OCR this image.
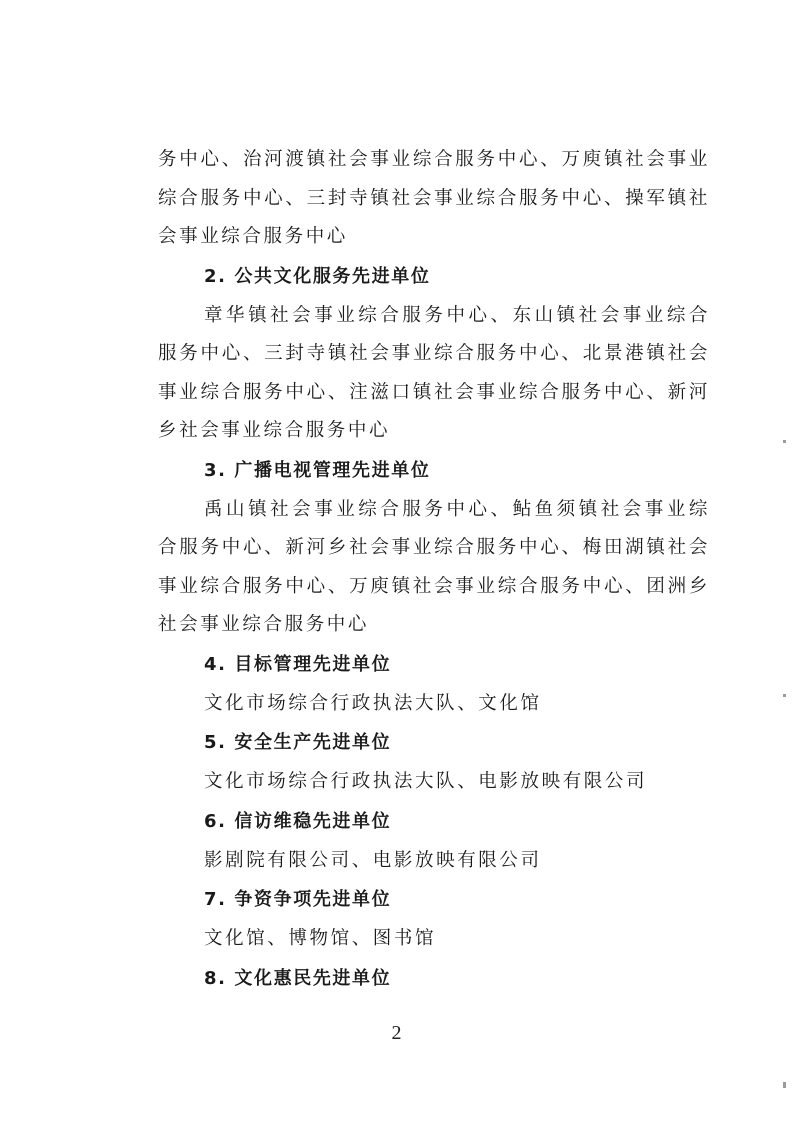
务中心、治河渡镇社会事业综合服务中心、万庾镇社会事业综合服务中心、三封寺镇社会事业综合服务中心、操军镇社会事业综合服务中心

2. 公共文化服务先进单位

章华镇社会事业综合服务中心、东山镇社会事业综合服务中心、三封寺镇社会事业综合服务中心、北景港镇社会事业综合服务中心、注滋口镇社会事业综合服务中心、新河乡社会事业综合服务中心

3. 广播电视管理先进单位

禹山镇社会事业综合服务中心、鲇鱼须镇社会事业综合服务中心、新河乡社会事业综合服务中心、梅田湖镇社会事业综合服务中心、万庾镇社会事业综合服务中心、团洲乡社会事业综合服务中心

4. 目标管理先进单位

文化市场综合行政执法大队、文化馆

5. 安全生产先进单位

文化市场综合行政执法大队、电影放映有限公司

6. 信访维稳先进单位

影剧院有限公司、电影放映有限公司

7. 争资争项先进单位

文化馆、博物馆、图书馆

8. 文化惠民先进单位

2
